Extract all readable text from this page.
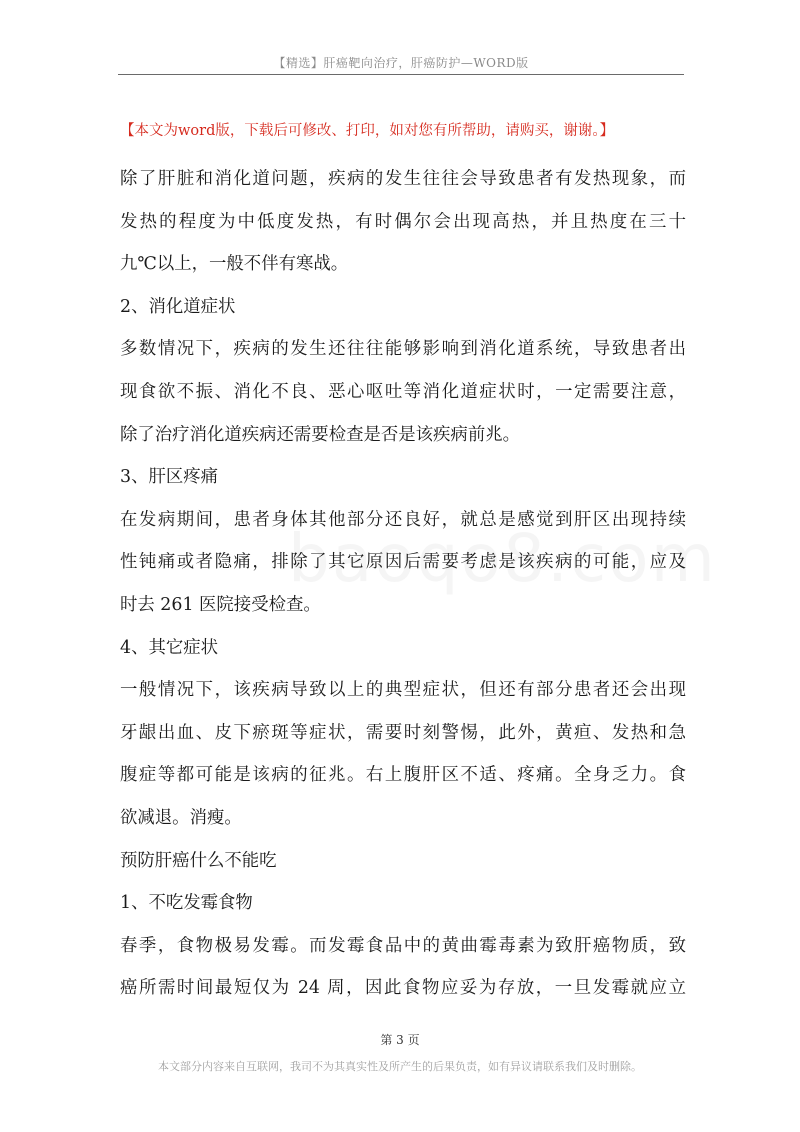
【精选】肝癌靶向治疗，肝癌防护—WORD版
【本文为word版，下载后可修改、打印，如对您有所帮助，请购买，谢谢。】
除了肝脏和消化道问题，疾病的发生往往会导致患者有发热现象，而
发热的程度为中低度发热，有时偶尔会出现高热，并且热度在三十
九℃以上，一般不伴有寒战。
2、消化道症状
多数情况下，疾病的发生还往往能够影响到消化道系统，导致患者出
现食欲不振、消化不良、恶心呕吐等消化道症状时，一定需要注意，
除了治疗消化道疾病还需要检查是否是该疾病前兆。
3、肝区疼痛
在发病期间，患者身体其他部分还良好，就总是感觉到肝区出现持续
性钝痛或者隐痛，排除了其它原因后需要考虑是该疾病的可能，应及
时去 261 医院接受检查。
4、其它症状
一般情况下，该疾病导致以上的典型症状，但还有部分患者还会出现
牙龈出血、皮下瘀斑等症状，需要时刻警惕，此外，黄疸、发热和急
腹症等都可能是该病的征兆。右上腹肝区不适、疼痛。全身乏力。食
欲减退。消瘦。
预防肝癌什么不能吃
1、不吃发霉食物
春季，食物极易发霉。而发霉食品中的黄曲霉毒素为致肝癌物质，致
癌所需时间最短仅为 24 周，因此食物应妥为存放，一旦发霉就应立
第 3 页
本文部分内容来自互联网，我司不为其真实性及所产生的后果负责，如有异议请联系我们及时删除。
